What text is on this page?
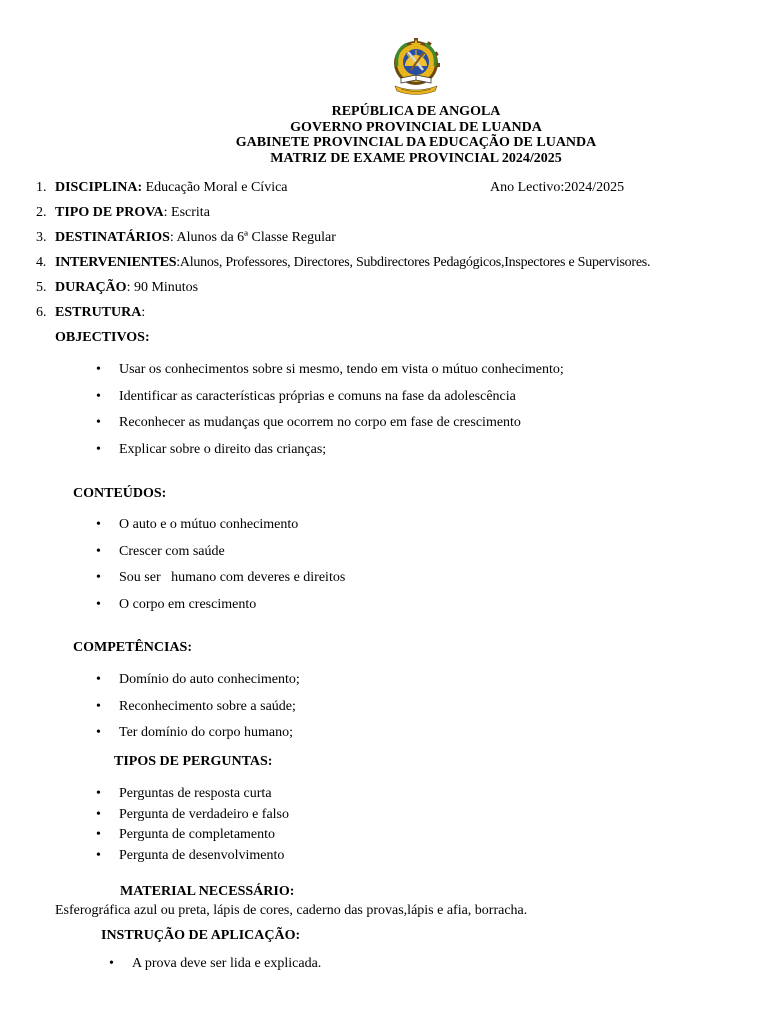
REPÚBLICA DE ANGOLA
GOVERNO PROVINCIAL DE LUANDA
GABINETE PROVINCIAL DA EDUCAÇÃO DE LUANDA
MATRIZ DE EXAME PROVINCIAL 2024/2025
1. DISCIPLINA: Educação Moral e Cívica	Ano Lectivo:2024/2025
2. TIPO DE PROVA: Escrita
3. DESTINATÁRIOS: Alunos da 6ª Classe Regular
4. INTERVENIENTES:Alunos, Professores, Directores, Subdirectores Pedagógicos,Inspectores e Supervisores.
5. DURAÇÃO: 90 Minutos
6. ESTRUTURA:
OBJECTIVOS:
• Usar os conhecimentos sobre si mesmo, tendo em vista o mútuo conhecimento;
• Identificar as características próprias e comuns na fase da adolescência
• Reconhecer as mudanças que ocorrem no corpo em fase de crescimento
• Explicar sobre o direito das crianças;
CONTEÚDOS:
• O auto e o mútuo conhecimento
• Crescer com saúde
• Sou ser   humano com deveres e direitos
• O corpo em crescimento
COMPETÊNCIAS:
• Domínio do auto conhecimento;
• Reconhecimento sobre a saúde;
• Ter domínio do corpo humano;
TIPOS DE PERGUNTAS:
• Perguntas de resposta curta
• Pergunta de verdadeiro e falso
• Pergunta de completamento
• Pergunta de desenvolvimento
MATERIAL NECESSÁRIO:
Esferográfica azul ou preta, lápis de cores, caderno das provas,lápis e afia, borracha.
INSTRUÇÃO DE APLICAÇÃO:
• A prova deve ser lida e explicada.
